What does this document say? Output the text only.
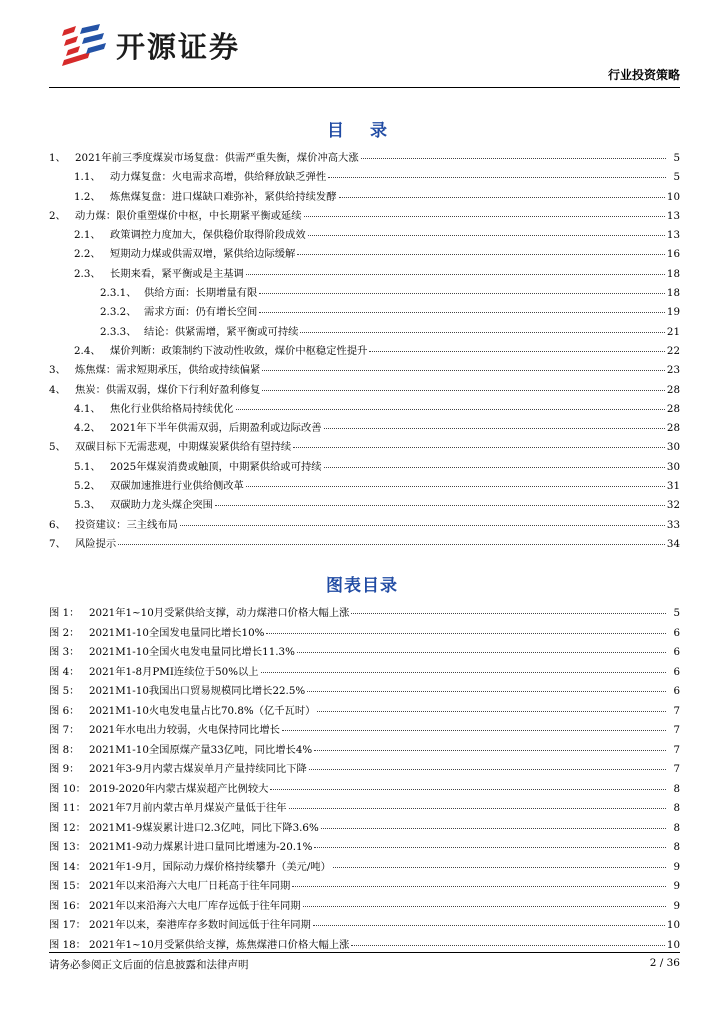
开源证券
行业投资策略
目 录
1、 2021年前三季度煤炭市场复盘：供需严重失衡，煤价冲高大涨	5
1.1、 动力煤复盘：火电需求高增，供给释放缺乏弹性	5
1.2、 炼焦煤复盘：进口煤缺口难弥补，紧供给持续发酵	10
2、 动力煤：限价重塑煤价中枢，中长期紧平衡或延续	13
2.1、 政策调控力度加大，保供稳价取得阶段成效	13
2.2、 短期动力煤或供需双增，紧供给边际缓解	16
2.3、 长期来看，紧平衡或是主基调	18
2.3.1、 供给方面：长期增量有限	18
2.3.2、 需求方面：仍有增长空间	19
2.3.3、 结论：供紧需增，紧平衡或可持续	21
2.4、 煤价判断：政策制约下波动性收敛，煤价中枢稳定性提升	22
3、 炼焦煤：需求短期承压，供给或持续偏紧	23
4、 焦炭：供需双弱，煤价下行利好盈利修复	28
4.1、 焦化行业供给格局持续优化	28
4.2、 2021年下半年供需双弱，后期盈利或边际改善	28
5、 双碳目标下无需悲观，中期煤炭紧供给有望持续	30
5.1、 2025年煤炭消费或触顶，中期紧供给或可持续	30
5.2、 双碳加速推进行业供给侧改革	31
5.3、 双碳助力龙头煤企突围	32
6、 投资建议：三主线布局	33
7、 风险提示	34
图表目录
图 1： 2021年1~10月受紧供给支撑，动力煤港口价格大幅上涨	5
图 2： 2021M1-10全国发电量同比增长10%	6
图 3： 2021M1-10全国火电发电量同比增长11.3%	6
图 4： 2021年1-8月PMI连续位于50%以上	6
图 5： 2021M1-10我国出口贸易规模同比增长22.5%	6
图 6： 2021M1-10火电发电量占比70.8%（亿千瓦时）	7
图 7： 2021年水电出力较弱，火电保持同比增长	7
图 8： 2021M1-10全国原煤产量33亿吨，同比增长4%	7
图 9： 2021年3-9月内蒙古煤炭单月产量持续同比下降	7
图 10： 2019-2020年内蒙古煤炭超产比例较大	8
图 11： 2021年7月前内蒙古单月煤炭产量低于往年	8
图 12： 2021M1-9煤炭累计进口2.3亿吨，同比下降3.6%	8
图 13： 2021M1-9动力煤累计进口量同比增速为-20.1%	8
图 14： 2021年1-9月，国际动力煤价格持续攀升（美元/吨）	9
图 15： 2021年以来沿海六大电厂日耗高于往年同期	9
图 16： 2021年以来沿海六大电厂库存远低于往年同期	9
图 17： 2021年以来，秦港库存多数时间远低于往年同期	10
图 18： 2021年1~10月受紧供给支撑，炼焦煤港口价格大幅上涨	10
请务必参阅正文后面的信息披露和法律声明	2 / 36
